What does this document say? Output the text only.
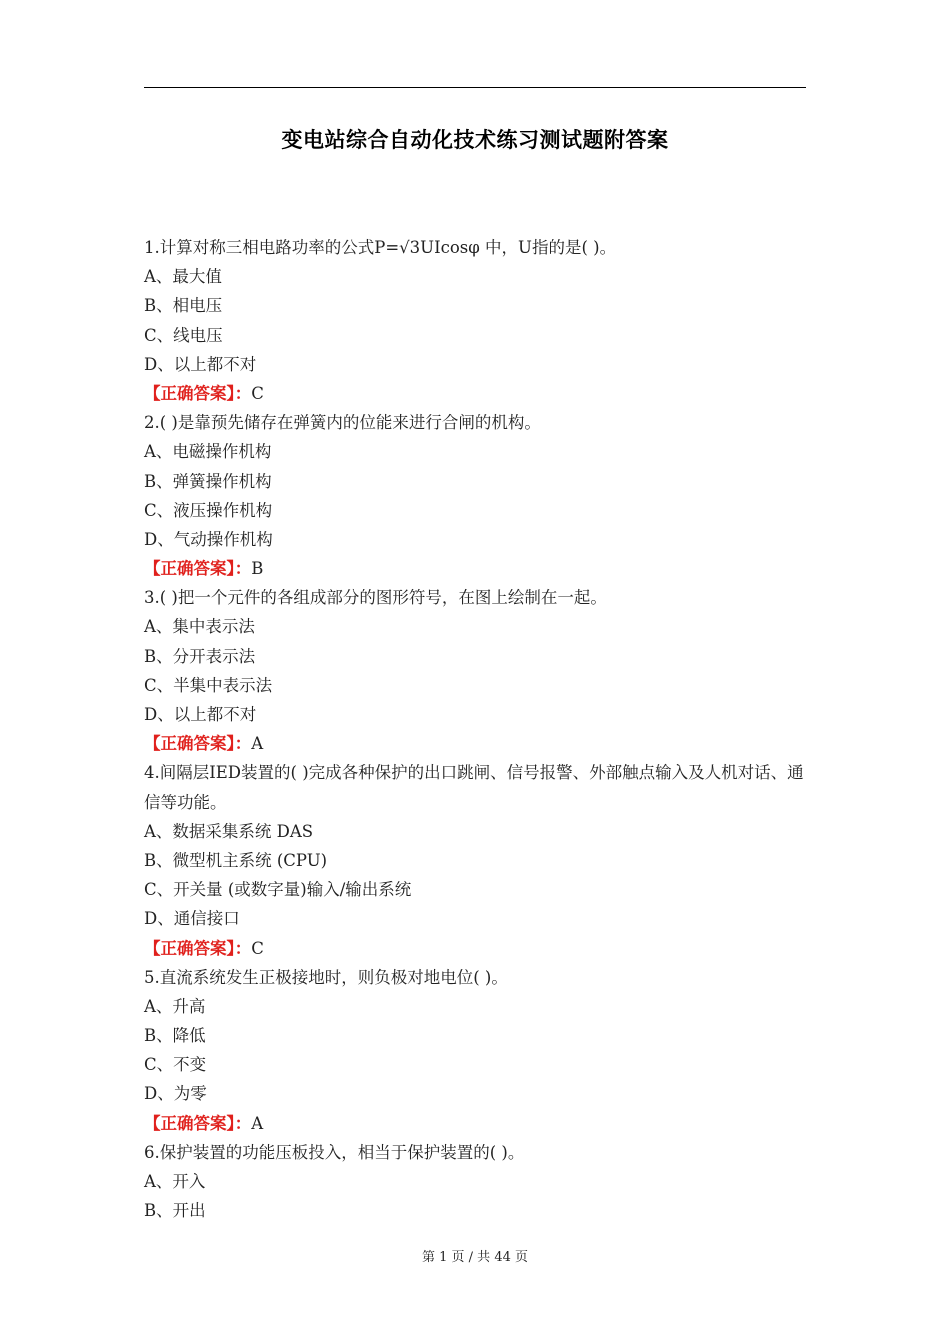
变电站综合自动化技术练习测试题附答案
1.计算对称三相电路功率的公式P=√3UIcosφ 中，U指的是( )。
A、最大值
B、相电压
C、线电压
D、以上都不对
【正确答案】：C
2.( )是靠预先储存在弹簧内的位能来进行合闸的机构。
A、电磁操作机构
B、弹簧操作机构
C、液压操作机构
D、气动操作机构
【正确答案】：B
3.( )把一个元件的各组成部分的图形符号，在图上绘制在一起。
A、集中表示法
B、分开表示法
C、半集中表示法
D、以上都不对
【正确答案】：A
4.间隔层IED装置的( )完成各种保护的出口跳闸、信号报警、外部触点输入及人机对话、通信等功能。
A、数据采集系统 DAS
B、微型机主系统 (CPU)
C、开关量 (或数字量)输入/输出系统
D、通信接口
【正确答案】：C
5.直流系统发生正极接地时，则负极对地电位( )。
A、升高
B、降低
C、不变
D、为零
【正确答案】：A
6.保护装置的功能压板投入，相当于保护装置的( )。
A、开入
B、开出
第 1 页 / 共 44 页
